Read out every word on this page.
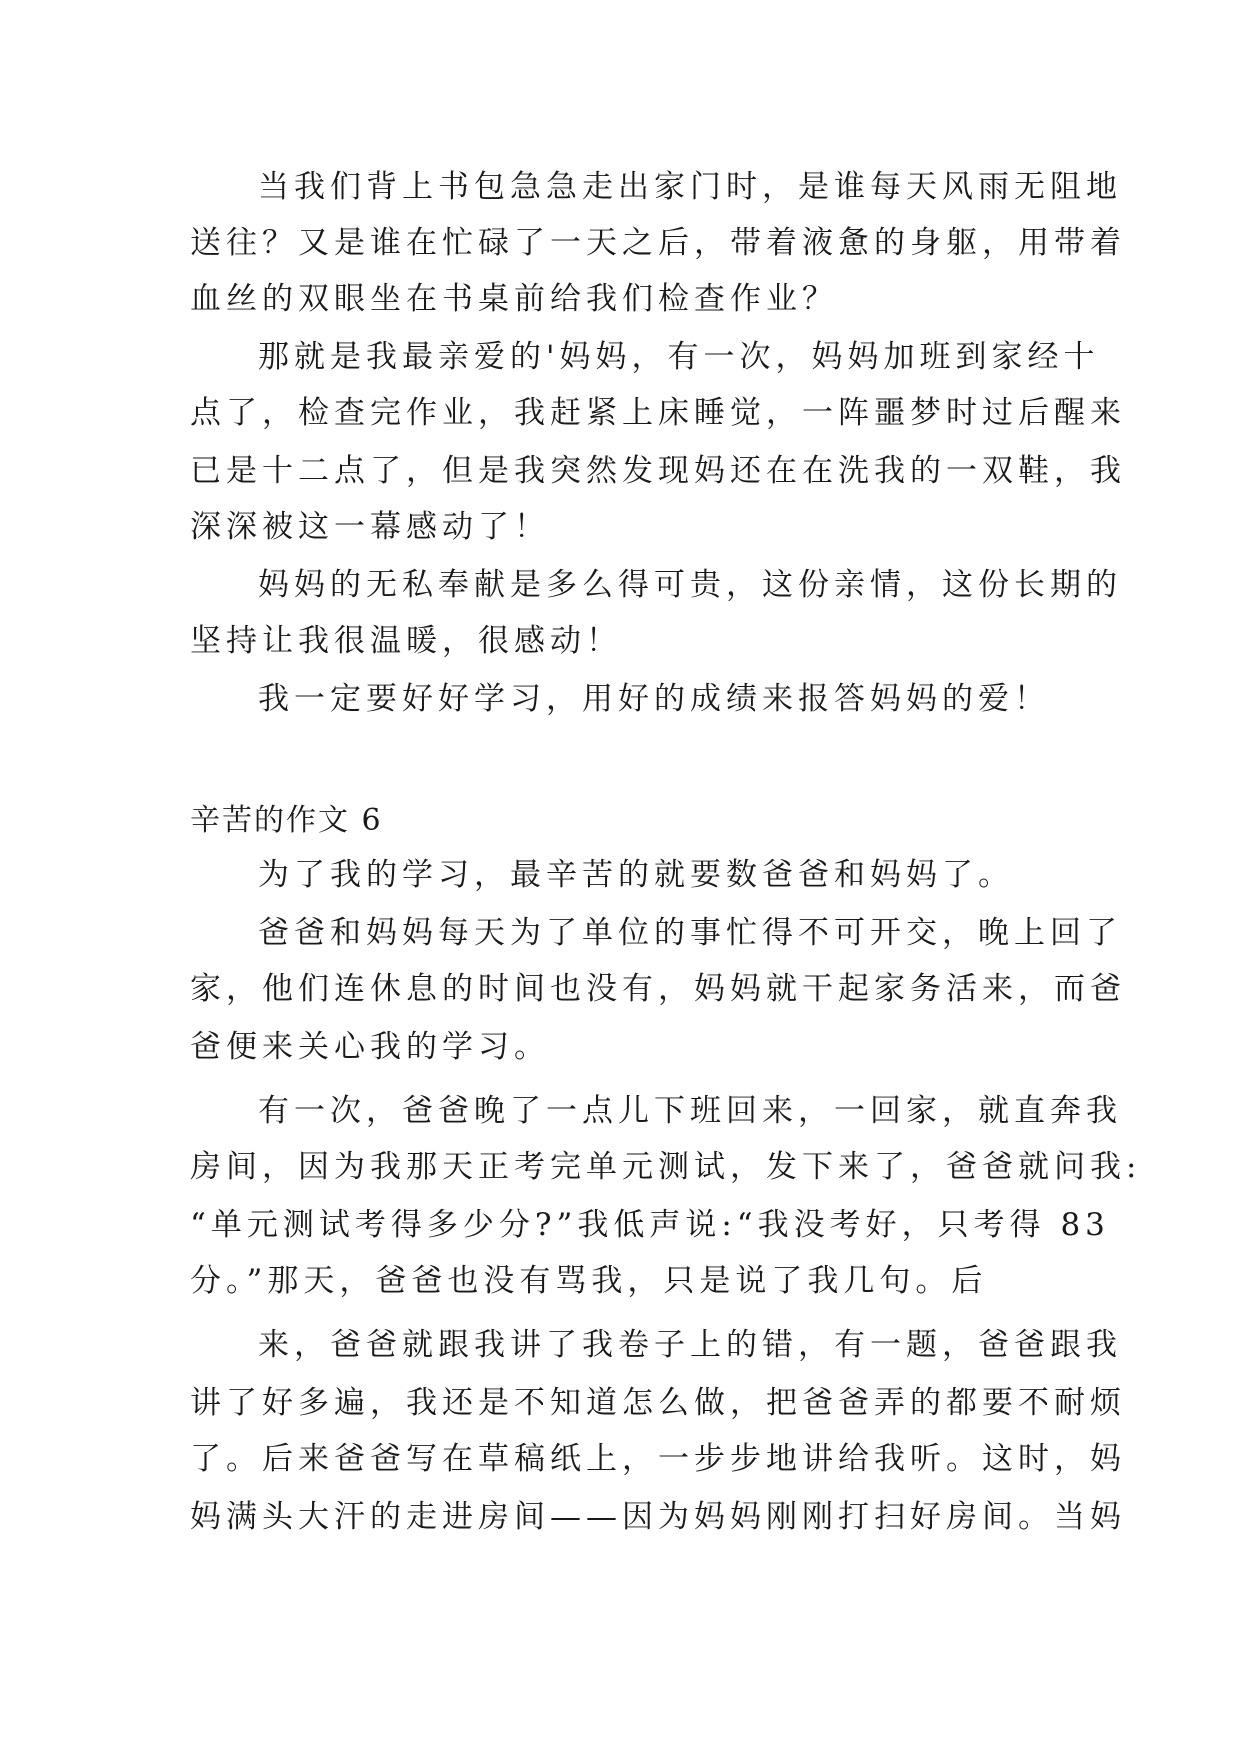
当我们背上书包急急走出家门时，是谁每天风雨无阻地
送往？又是谁在忙碌了一天之后，带着液惫的身躯，用带着
血丝的双眼坐在书桌前给我们检查作业？
那就是我最亲爱的'妈妈，有一次，妈妈加班到家经十
点了，检查完作业，我赶紧上床睡觉，一阵噩梦时过后醒来
已是十二点了，但是我突然发现妈还在在洗我的一双鞋，我
深深被这一幕感动了！
妈妈的无私奉献是多么得可贵，这份亲情，这份长期的
坚持让我很温暖，很感动！
我一定要好好学习，用好的成绩来报答妈妈的爱！
辛苦的作文 6
为了我的学习，最辛苦的就要数爸爸和妈妈了。
爸爸和妈妈每天为了单位的事忙得不可开交，晚上回了
家，他们连休息的时间也没有，妈妈就干起家务活来，而爸
爸便来关心我的学习。
有一次，爸爸晚了一点儿下班回来，一回家，就直奔我
房间，因为我那天正考完单元测试，发下来了，爸爸就问我:
“单元测试考得多少分?”我低声说:“我没考好，只考得 83
分。”那天，爸爸也没有骂我，只是说了我几句。后
来，爸爸就跟我讲了我卷子上的错，有一题，爸爸跟我
讲了好多遍，我还是不知道怎么做，把爸爸弄的都要不耐烦
了。后来爸爸写在草稿纸上，一步步地讲给我听。这时，妈
妈满头大汗的走进房间——因为妈妈刚刚打扫好房间。当妈
